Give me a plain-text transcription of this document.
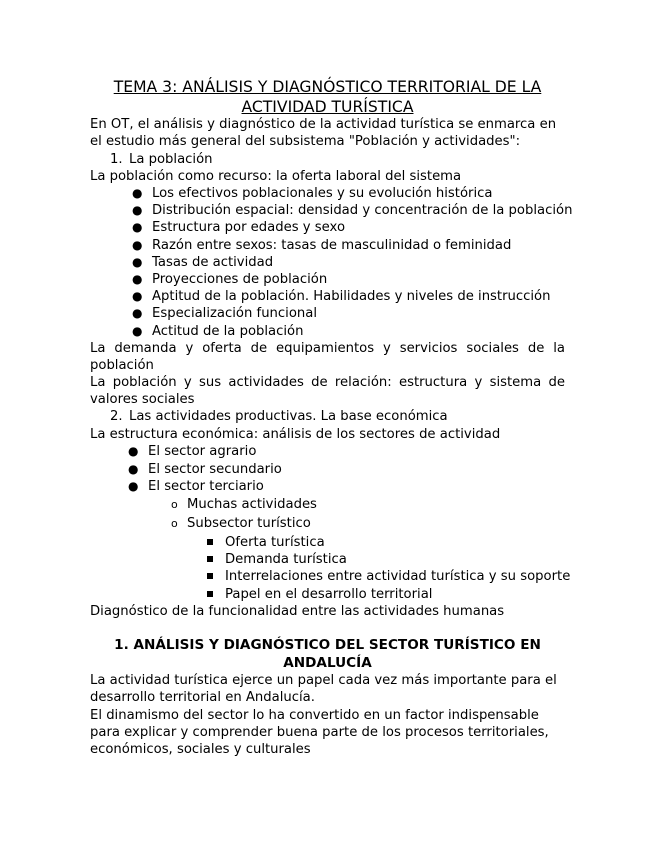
TEMA 3: ANÁLISIS Y DIAGNÓSTICO TERRITORIAL DE LA ACTIVIDAD TURÍSTICA

En OT, el análisis y diagnóstico de la actividad turística se enmarca en el estudio más general del subsistema "Población y actividades":

1. La población

La población como recurso: la oferta laboral del sistema

● Los efectivos poblacionales y su evolución histórica
● Distribución espacial: densidad y concentración de la población
● Estructura por edades y sexo
● Razón entre sexos: tasas de masculinidad o feminidad
● Tasas de actividad
● Proyecciones de población
● Aptitud de la población. Habilidades y niveles de instrucción
● Especialización funcional
● Actitud de la población

La demanda y oferta de equipamientos y servicios sociales de la población

La población y sus actividades de relación: estructura y sistema de valores sociales

2. Las actividades productivas. La base económica

La estructura económica: análisis de los sectores de actividad

● El sector agrario
● El sector secundario
● El sector terciario
o Muchas actividades
o Subsector turístico
Oferta turística
Demanda turística
Interrelaciones entre actividad turística y su soporte
Papel en el desarrollo territorial

Diagnóstico de la funcionalidad entre las actividades humanas

1. ANÁLISIS Y DIAGNÓSTICO DEL SECTOR TURÍSTICO EN ANDALUCÍA

La actividad turística ejerce un papel cada vez más importante para el desarrollo territorial en Andalucía.

El dinamismo del sector lo ha convertido en un factor indispensable para explicar y comprender buena parte de los procesos territoriales, económicos, sociales y culturales
